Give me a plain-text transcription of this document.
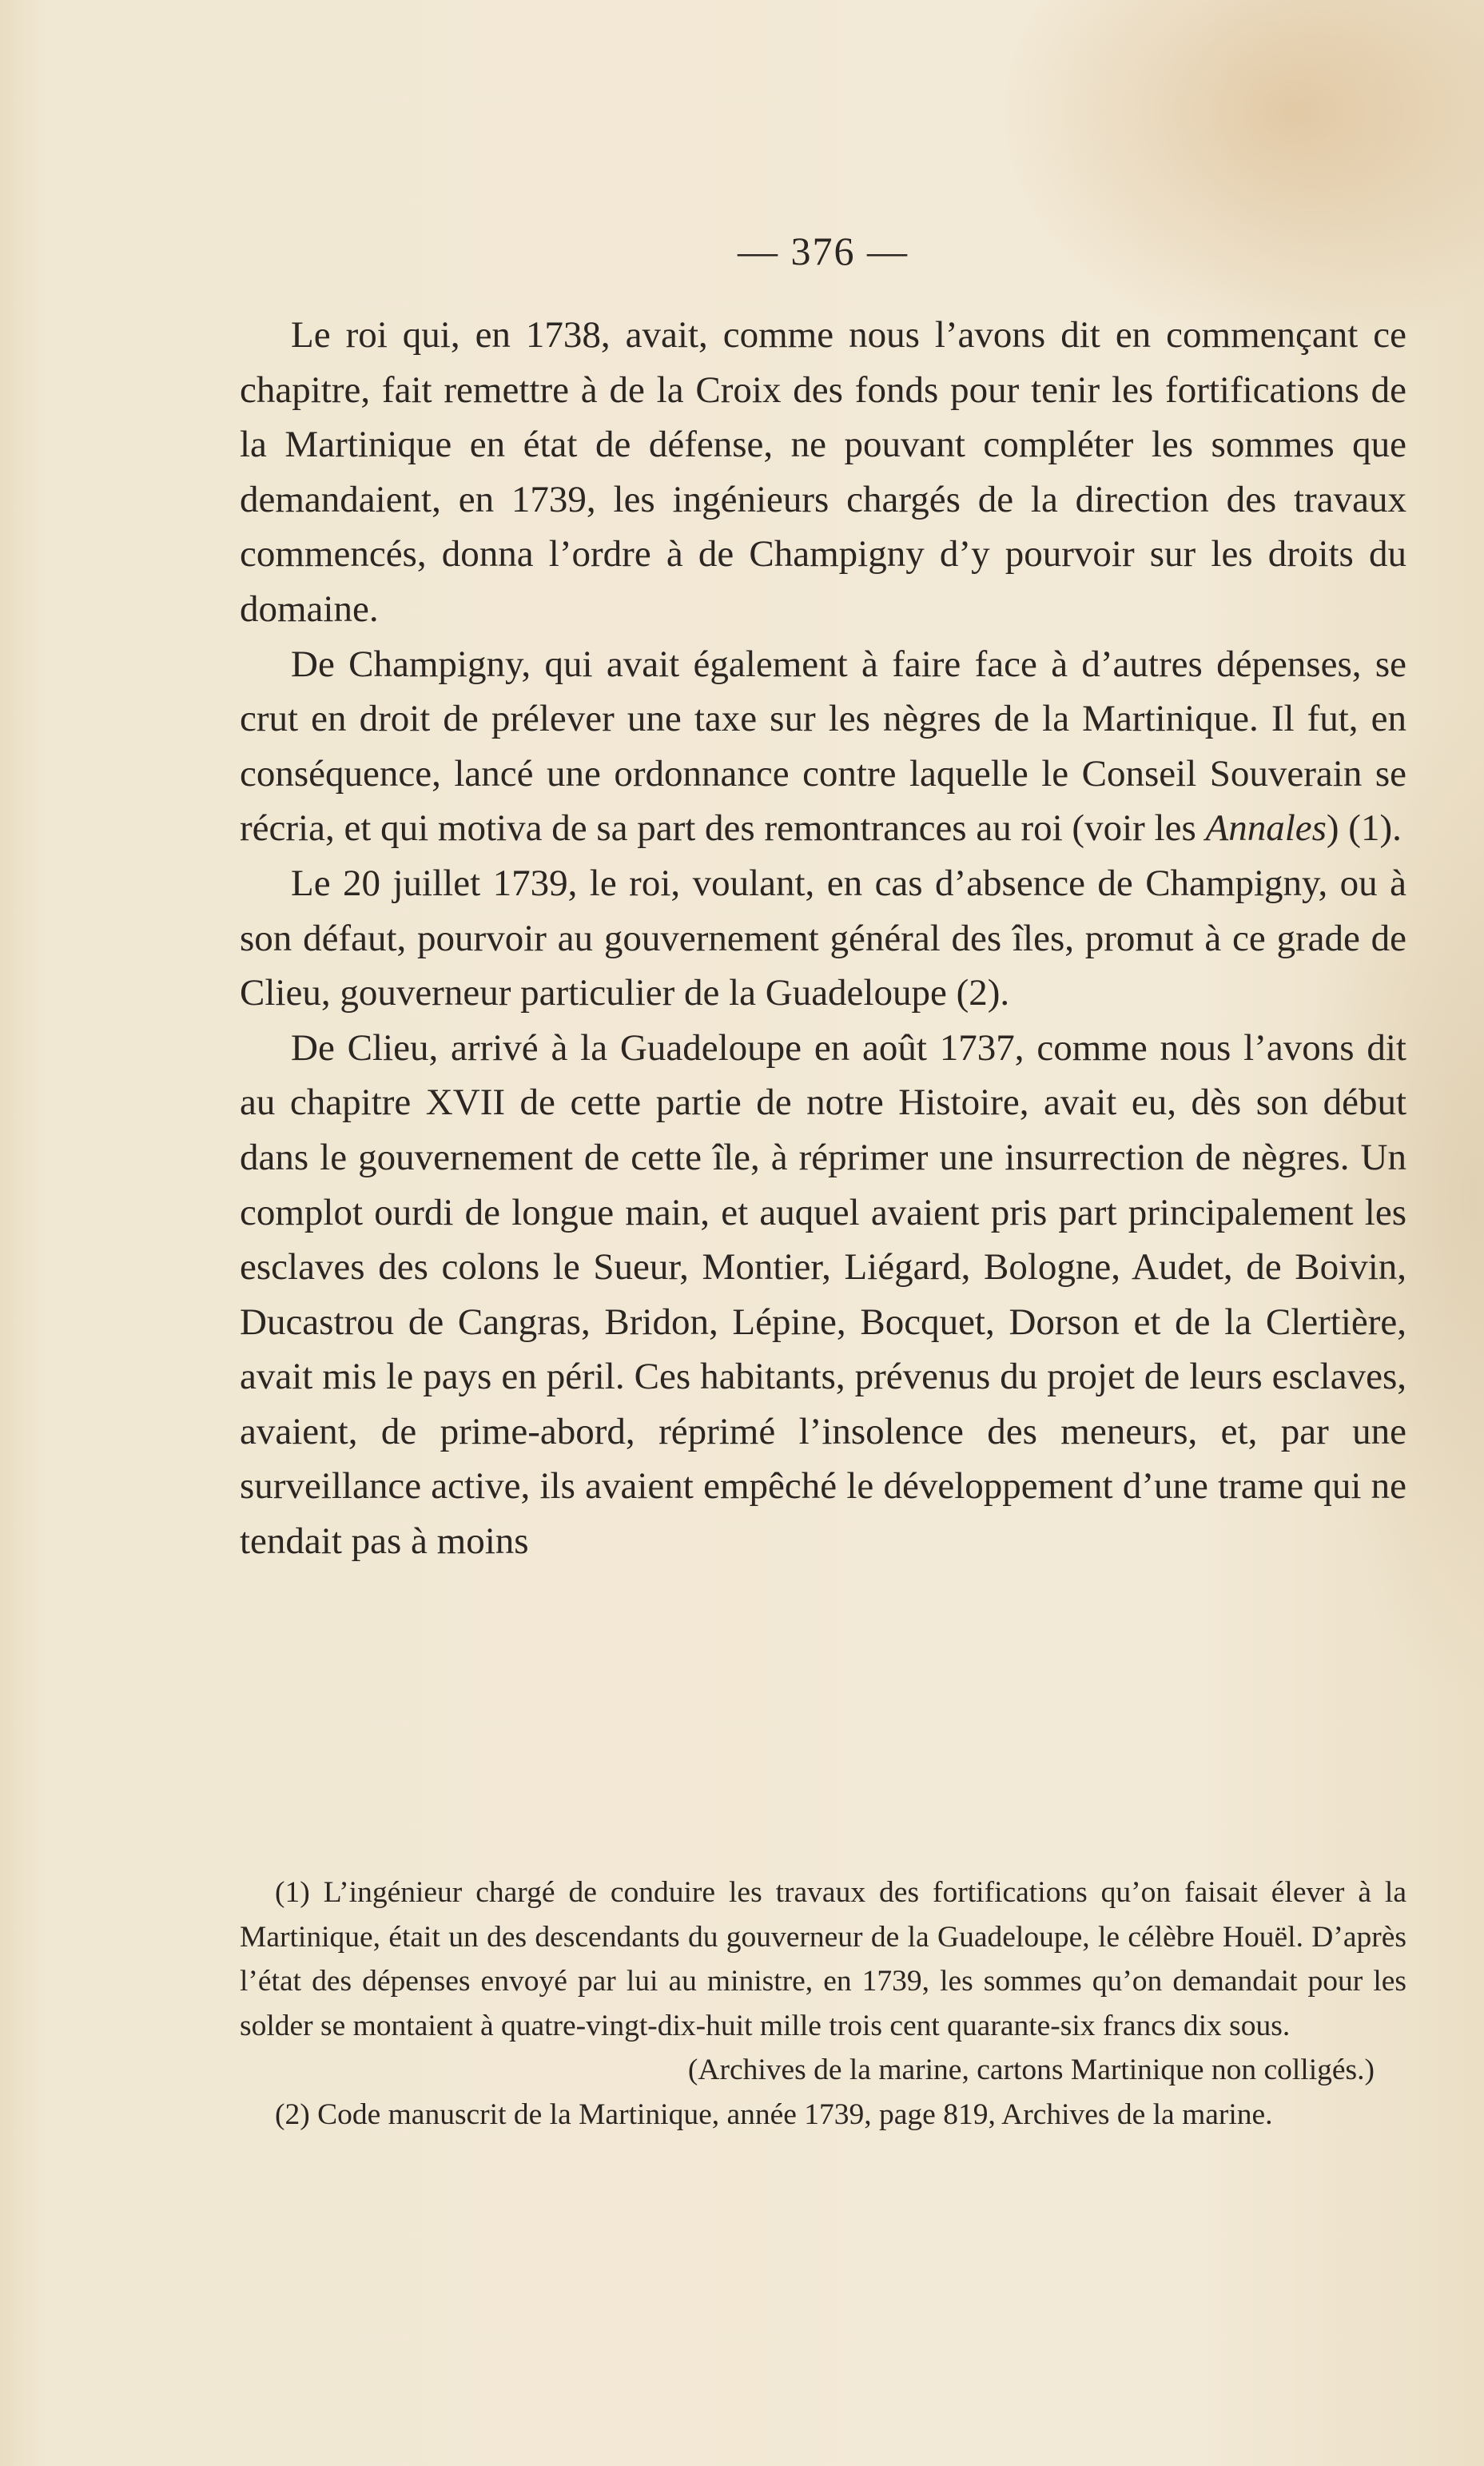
— 376 —

Le roi qui, en 1738, avait, comme nous l’avons dit en commençant ce chapitre, fait remettre à de la Croix des fonds pour tenir les fortifications de la Martinique en état de défense, ne pouvant compléter les sommes que demandaient, en 1739, les ingénieurs chargés de la direction des travaux commencés, donna l’ordre à de Champigny d’y pourvoir sur les droits du domaine.

De Champigny, qui avait également à faire face à d’autres dépenses, se crut en droit de prélever une taxe sur les nègres de la Martinique. Il fut, en conséquence, lancé une ordonnance contre laquelle le Conseil Souverain se récria, et qui motiva de sa part des remontrances au roi (voir les Annales) (1).

Le 20 juillet 1739, le roi, voulant, en cas d’absence de Champigny, ou à son défaut, pourvoir au gouvernement général des îles, promut à ce grade de Clieu, gouverneur particulier de la Guadeloupe (2).

De Clieu, arrivé à la Guadeloupe en août 1737, comme nous l’avons dit au chapitre XVII de cette partie de notre Histoire, avait eu, dès son début dans le gouvernement de cette île, à réprimer une insurrection de nègres. Un complot ourdi de longue main, et auquel avaient pris part principalement les esclaves des colons le Sueur, Montier, Liégard, Bologne, Audet, de Boivin, Ducastrou de Cangras, Bridon, Lépine, Bocquet, Dorson et de la Clertière, avait mis le pays en péril. Ces habitants, prévenus du projet de leurs esclaves, avaient, de prime-abord, réprimé l’insolence des meneurs, et, par une surveillance active, ils avaient empêché le développement d’une trame qui ne tendait pas à moins

(1) L’ingénieur chargé de conduire les travaux des fortifications qu’on faisait élever à la Martinique, était un des descendants du gouverneur de la Guadeloupe, le célèbre Houël. D’après l’état des dépenses envoyé par lui au ministre, en 1739, les sommes qu’on demandait pour les solder se montaient à quatre-vingt-dix-huit mille trois cent quarante-six francs dix sous.

(Archives de la marine, cartons Martinique non colligés.)

(2) Code manuscrit de la Martinique, année 1739, page 819, Archives de la marine.
